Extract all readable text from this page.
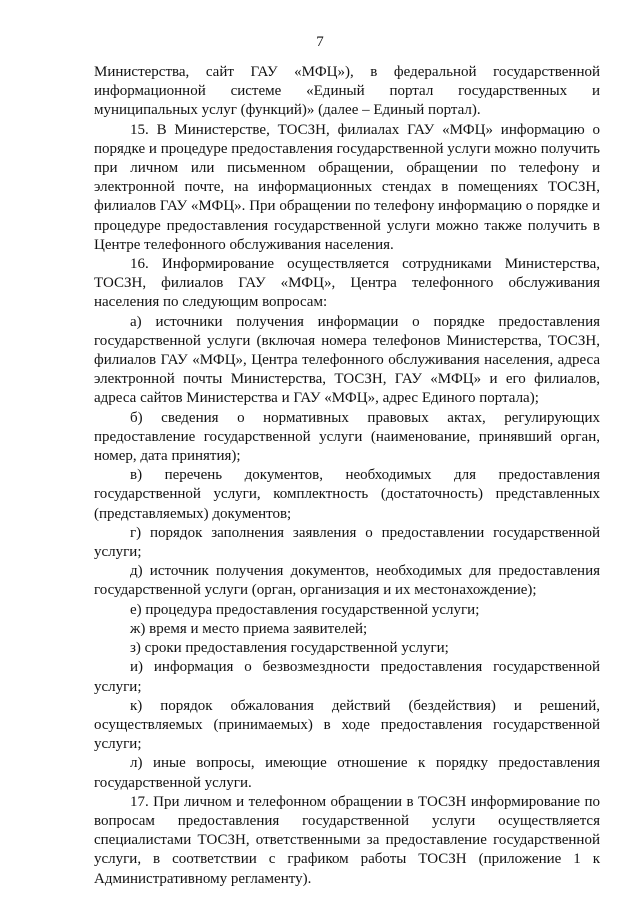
7

Министерства, сайт ГАУ «МФЦ»), в федеральной государственной информационной системе «Единый портал государственных и муниципальных услуг (функций)» (далее – Единый портал).

15. В Министерстве, ТОСЗН, филиалах ГАУ «МФЦ» информацию о порядке и процедуре предоставления государственной услуги можно получить при личном или письменном обращении, обращении по телефону и электронной почте, на информационных стендах в помещениях ТОСЗН, филиалов ГАУ «МФЦ». При обращении по телефону информацию о порядке и процедуре предоставления государственной услуги можно также получить в Центре телефонного обслуживания населения.

16. Информирование осуществляется сотрудниками Министерства, ТОСЗН, филиалов ГАУ «МФЦ», Центра телефонного обслуживания населения по следующим вопросам:

а) источники получения информации о порядке предоставления государственной услуги (включая номера телефонов Министерства, ТОСЗН, филиалов ГАУ «МФЦ», Центра телефонного обслуживания населения, адреса электронной почты Министерства, ТОСЗН, ГАУ «МФЦ» и его филиалов, адреса сайтов Министерства и ГАУ «МФЦ», адрес Единого портала);

б) сведения о нормативных правовых актах, регулирующих предоставление государственной услуги (наименование, принявший орган, номер, дата принятия);

в) перечень документов, необходимых для предоставления государственной услуги, комплектность (достаточность) представленных (представляемых) документов;

г) порядок заполнения заявления о предоставлении государственной услуги;

д) источник получения документов, необходимых для предоставления государственной услуги (орган, организация и их местонахождение);

е) процедура предоставления государственной услуги;

ж) время и место приема заявителей;

з) сроки предоставления государственной услуги;

и) информация о безвозмездности предоставления государственной услуги;

к) порядок обжалования действий (бездействия) и решений, осуществляемых (принимаемых) в ходе предоставления государственной услуги;

л) иные вопросы, имеющие отношение к порядку предоставления государственной услуги.

17. При личном и телефонном обращении в ТОСЗН информирование по вопросам предоставления государственной услуги осуществляется специалистами ТОСЗН, ответственными за предоставление государственной услуги, в соответствии с графиком работы ТОСЗН (приложение 1 к Административному регламенту).
